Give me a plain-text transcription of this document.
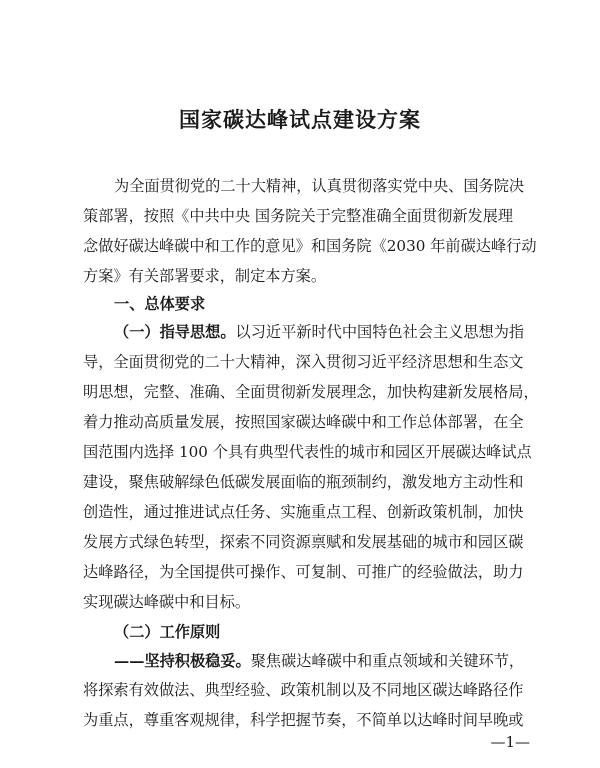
国家碳达峰试点建设方案
为全面贯彻党的二十大精神，认真贯彻落实党中央、国务院决
策部署，按照《中共中央 国务院关于完整准确全面贯彻新发展理
念做好碳达峰碳中和工作的意见》和国务院《2030 年前碳达峰行动
方案》有关部署要求，制定本方案。
一、总体要求
（一）指导思想。以习近平新时代中国特色社会主义思想为指
导，全面贯彻党的二十大精神，深入贯彻习近平经济思想和生态文
明思想，完整、准确、全面贯彻新发展理念，加快构建新发展格局，
着力推动高质量发展，按照国家碳达峰碳中和工作总体部署，在全
国范围内选择 100 个具有典型代表性的城市和园区开展碳达峰试点
建设，聚焦破解绿色低碳发展面临的瓶颈制约，激发地方主动性和
创造性，通过推进试点任务、实施重点工程、创新政策机制，加快
发展方式绿色转型，探索不同资源禀赋和发展基础的城市和园区碳
达峰路径，为全国提供可操作、可复制、可推广的经验做法，助力
实现碳达峰碳中和目标。
（二）工作原则
——坚持积极稳妥。聚焦碳达峰碳中和重点领域和关键环节，
将探索有效做法、典型经验、政策机制以及不同地区碳达峰路径作
为重点，尊重客观规律，科学把握节奏，不简单以达峰时间早晚或
—1—
